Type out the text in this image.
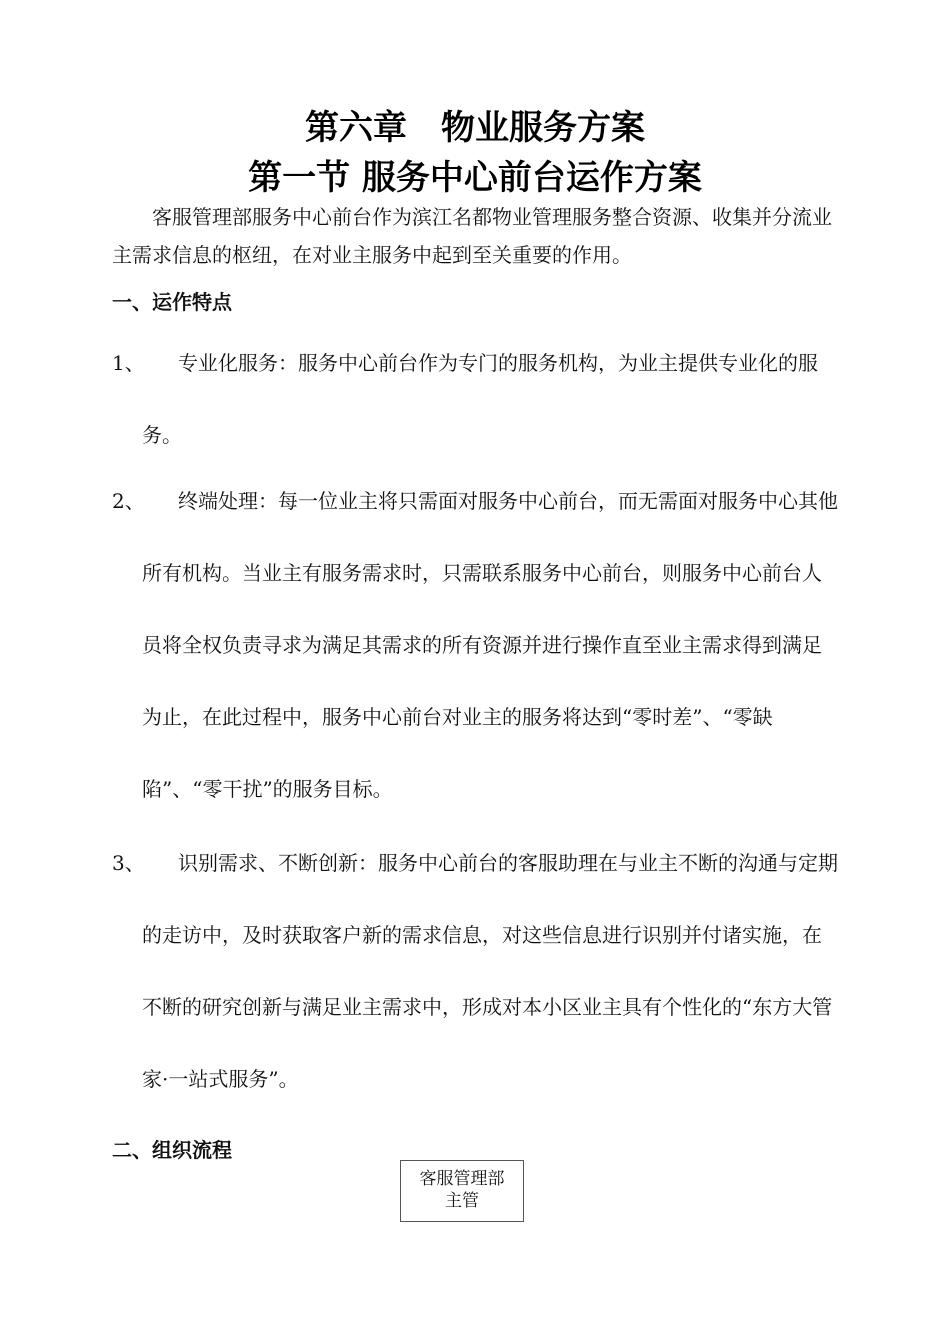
第六章　物业服务方案
第一节 服务中心前台运作方案

客服管理部服务中心前台作为滨江名都物业管理服务整合资源、收集并分流业主需求信息的枢纽，在对业主服务中起到至关重要的作用。

一、运作特点
1、	专业化服务：服务中心前台作为专门的服务机构，为业主提供专业化的服务。

2、	终端处理：每一位业主将只需面对服务中心前台，而无需面对服务中心其他所有机构。当业主有服务需求时，只需联系服务中心前台，则服务中心前台人员将全权负责寻求为满足其需求的所有资源并进行操作直至业主需求得到满足为止，在此过程中，服务中心前台对业主的服务将达到“零时差”、“零缺陷”、“零干扰”的服务目标。

3、	识别需求、不断创新：服务中心前台的客服助理在与业主不断的沟通与定期的走访中，及时获取客户新的需求信息，对这些信息进行识别并付诸实施，在不断的研究创新与满足业主需求中，形成对本小区业主具有个性化的“东方大管家·一站式服务”。

二、组织流程
客服管理部
主管
